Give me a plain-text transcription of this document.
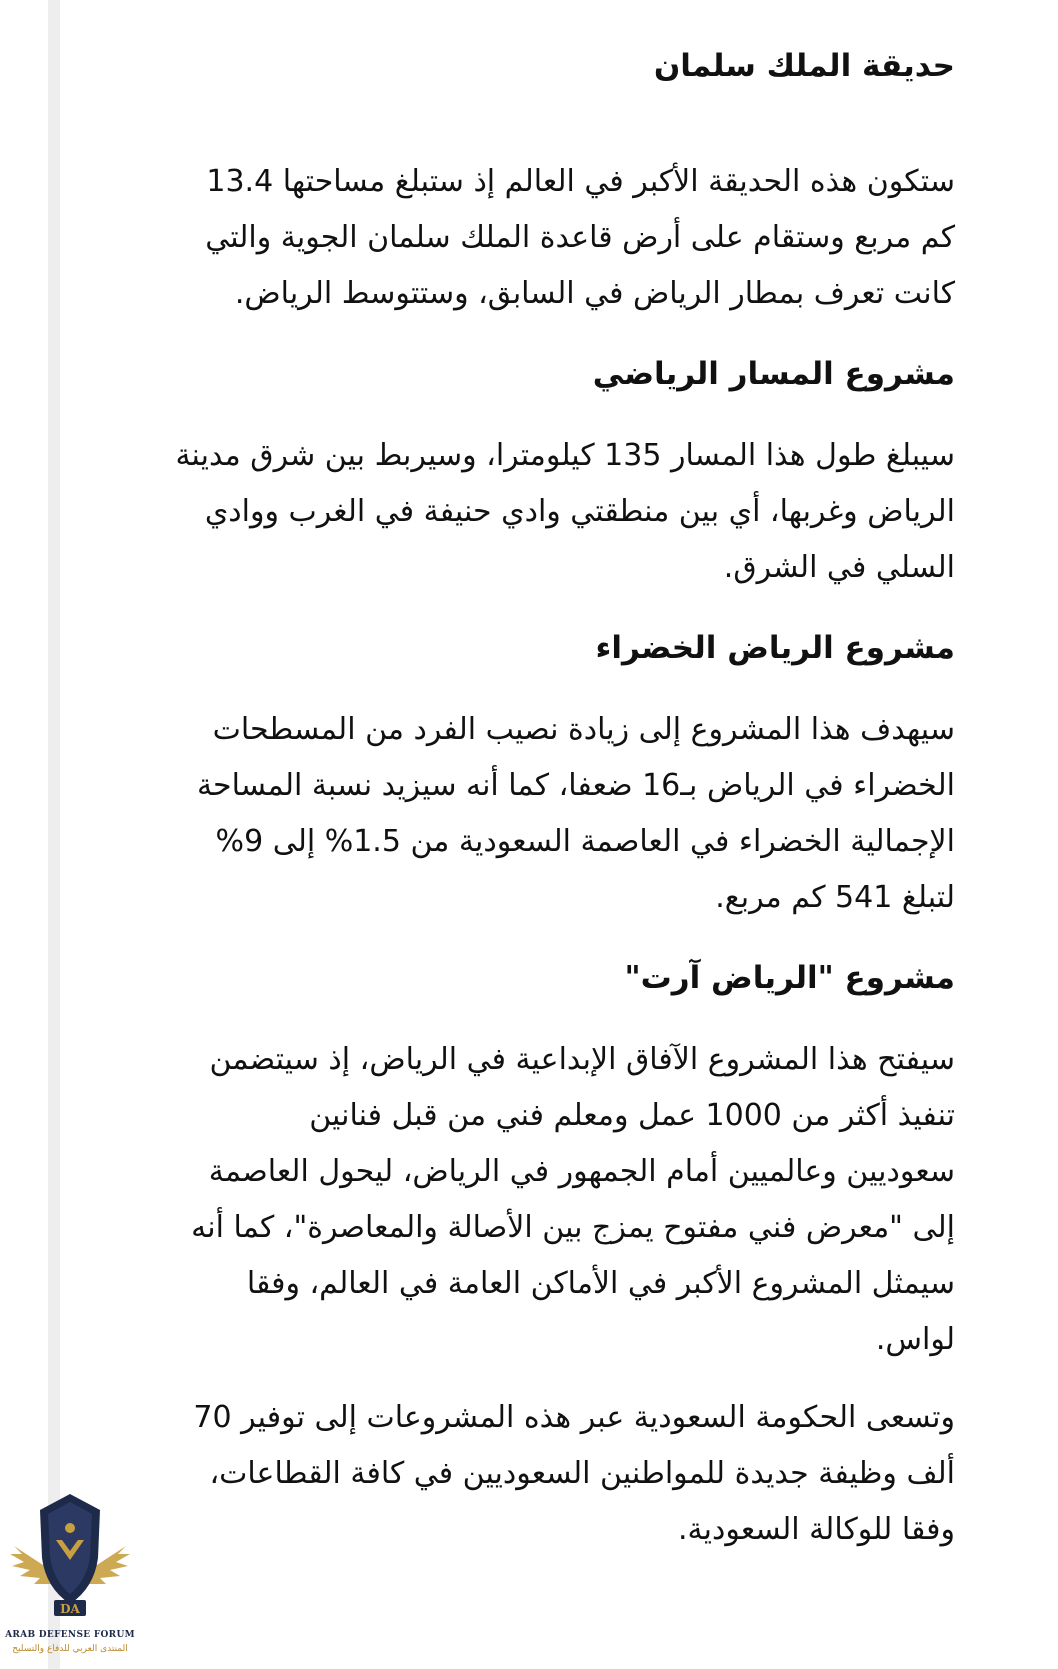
حديقة الملك سلمان
ستكون هذه الحديقة الأكبر في العالم إذ ستبلغ مساحتها 13.4
كم مربع وستقام على أرض قاعدة الملك سلمان الجوية والتي
كانت تعرف بمطار الرياض في السابق، وستتوسط الرياض.
مشروع المسار الرياضي
سيبلغ طول هذا المسار 135 كيلومترا، وسيربط بين شرق مدينة
الرياض وغربها، أي بين منطقتي وادي حنيفة في الغرب ووادي
السلي في الشرق.
مشروع الرياض الخضراء
سيهدف هذا المشروع إلى زيادة نصيب الفرد من المسطحات
الخضراء في الرياض بـ16 ضعفا، كما أنه سيزيد نسبة المساحة
الإجمالية الخضراء في العاصمة السعودية من 1.5% إلى 9%
لتبلغ 541 كم مربع.
مشروع "الرياض آرت"
سيفتح هذا المشروع الآفاق الإبداعية في الرياض، إذ سيتضمن
تنفيذ أكثر من 1000 عمل ومعلم فني من قبل فنانين
سعوديين وعالميين أمام الجمهور في الرياض، ليحول العاصمة
إلى "معرض فني مفتوح يمزج بين الأصالة والمعاصرة"، كما أنه
سيمثل المشروع الأكبر في الأماكن العامة في العالم، وفقا
لواس.
وتسعى الحكومة السعودية عبر هذه المشروعات إلى توفير 70
ألف وظيفة جديدة للمواطنين السعوديين في كافة القطاعات،
وفقا للوكالة السعودية.
DA
ARAB DEFENSE FORUM
المنتدى العربي للدفاع والتسليح
